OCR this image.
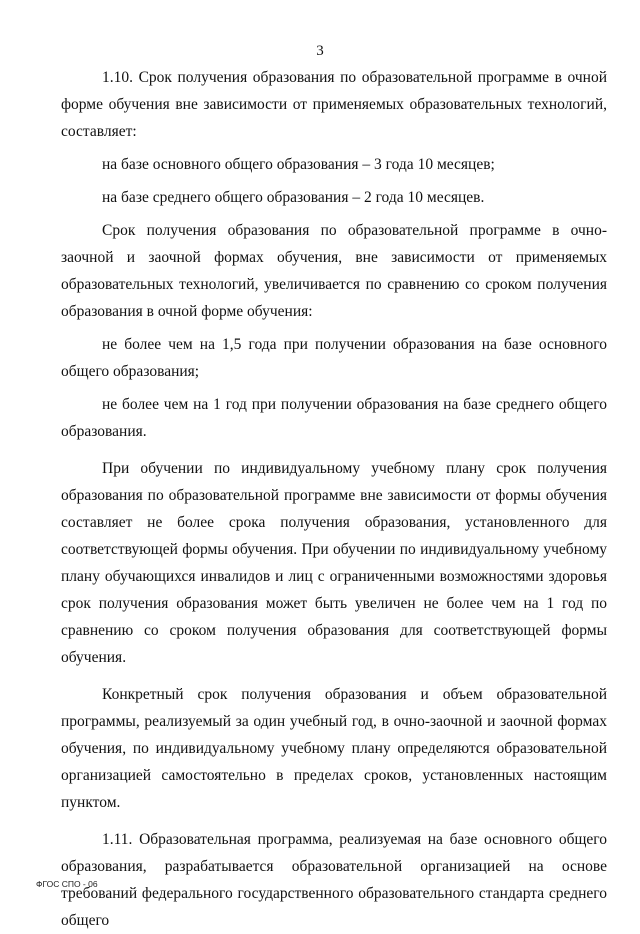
3

1.10. Срок получения образования по образовательной программе в очной форме обучения вне зависимости от применяемых образовательных технологий, составляет:

на базе основного общего образования – 3 года 10 месяцев;

на базе среднего общего образования – 2 года 10 месяцев.

Срок получения образования по образовательной программе в очно-заочной и заочной формах обучения, вне зависимости от применяемых образовательных технологий, увеличивается по сравнению со сроком получения образования в очной форме обучения:

не более чем на 1,5 года при получении образования на базе основного общего образования;

не более чем на 1 год при получении образования на базе среднего общего образования.

При обучении по индивидуальному учебному плану срок получения образования по образовательной программе вне зависимости от формы обучения составляет не более срока получения образования, установленного для соответствующей формы обучения. При обучении по индивидуальному учебному плану обучающихся инвалидов и лиц с ограниченными возможностями здоровья срок получения образования может быть увеличен не более чем на 1 год по сравнению со сроком получения образования для соответствующей формы обучения.

Конкретный срок получения образования и объем образовательной программы, реализуемый за один учебный год, в очно-заочной и заочной формах обучения, по индивидуальному учебному плану определяются образовательной организацией самостоятельно в пределах сроков, установленных настоящим пунктом.

1.11. Образовательная программа, реализуемая на базе основного общего образования, разрабатывается образовательной организацией на основе требований федерального государственного образовательного стандарта среднего общего

ФГОС СПО - 06
